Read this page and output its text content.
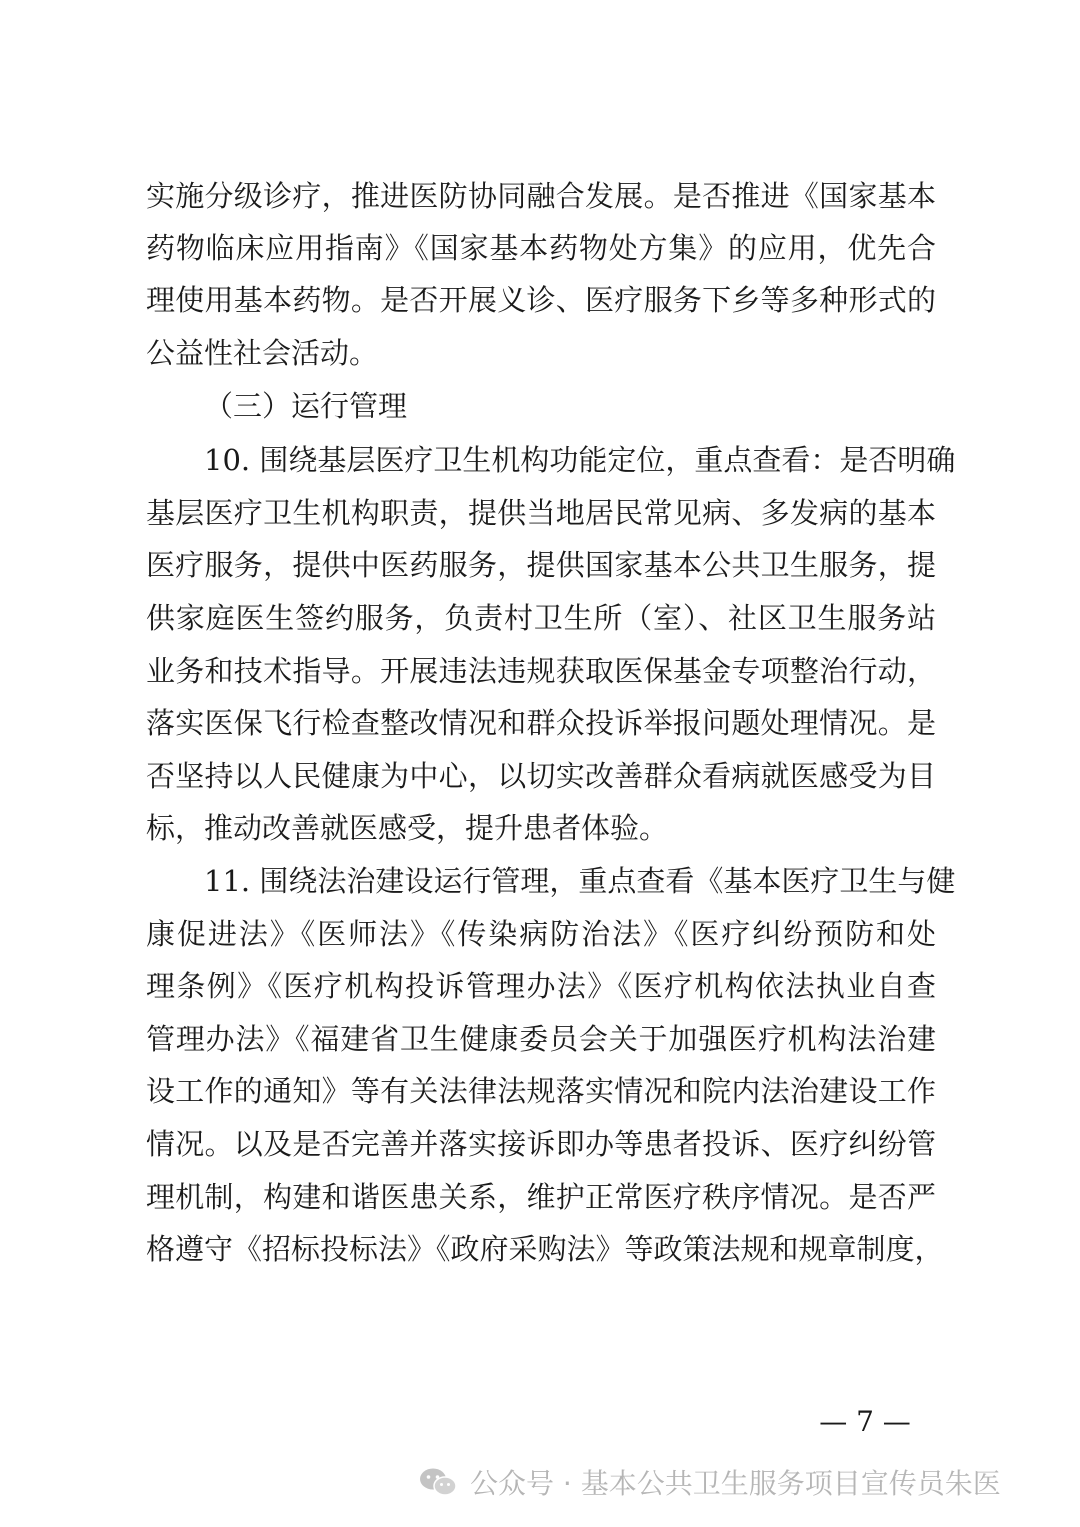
实施分级诊疗，推进医防协同融合发展。是否推进《国家基本
药物临床应用指南》《国家基本药物处方集》的应用，优先合
理使用基本药物。是否开展义诊、医疗服务下乡等多种形式的
公益性社会活动。
（三）运行管理
10. 围绕基层医疗卫生机构功能定位，重点查看：是否明确
基层医疗卫生机构职责，提供当地居民常见病、多发病的基本
医疗服务，提供中医药服务，提供国家基本公共卫生服务，提
供家庭医生签约服务，负责村卫生所（室）、社区卫生服务站
业务和技术指导。开展违法违规获取医保基金专项整治行动，
落实医保飞行检查整改情况和群众投诉举报问题处理情况。是
否坚持以人民健康为中心，以切实改善群众看病就医感受为目
标，推动改善就医感受，提升患者体验。
11. 围绕法治建设运行管理，重点查看《基本医疗卫生与健
康促进法》《医师法》《传染病防治法》《医疗纠纷预防和处
理条例》《医疗机构投诉管理办法》《医疗机构依法执业自查
管理办法》《福建省卫生健康委员会关于加强医疗机构法治建
设工作的通知》等有关法律法规落实情况和院内法治建设工作
情况。以及是否完善并落实接诉即办等患者投诉、医疗纠纷管
理机制，构建和谐医患关系，维护正常医疗秩序情况。是否严
格遵守《招标投标法》《政府采购法》等政策法规和规章制度，
— 7 —
公众号 · 基本公共卫生服务项目宣传员朱医
